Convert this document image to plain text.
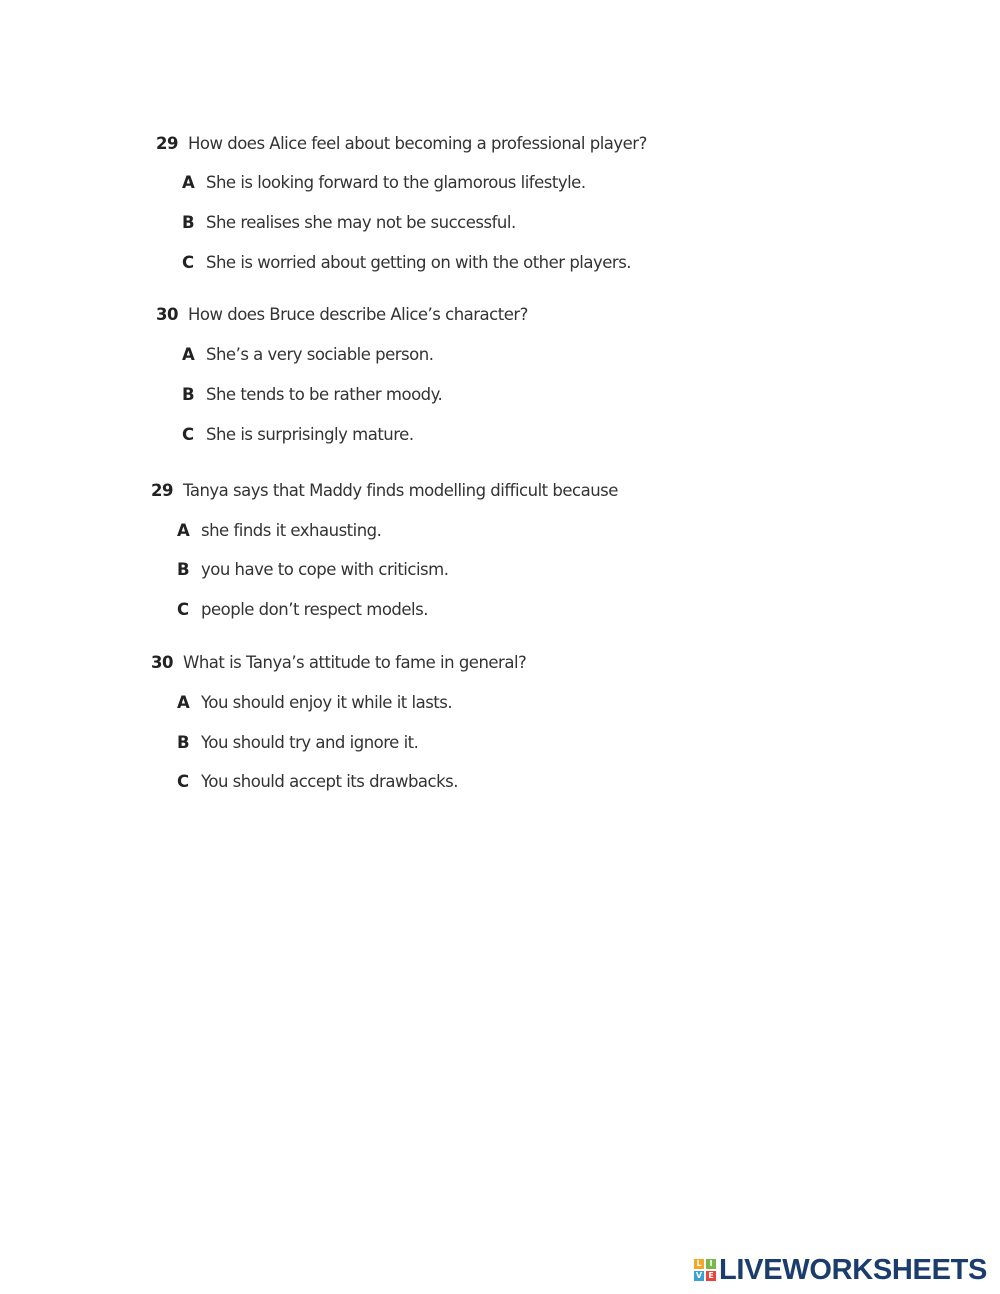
29 How does Alice feel about becoming a professional player?
A She is looking forward to the glamorous lifestyle.
B She realises she may not be successful.
C She is worried about getting on with the other players.
30 How does Bruce describe Alice’s character?
A She’s a very sociable person.
B She tends to be rather moody.
C She is surprisingly mature.
29 Tanya says that Maddy finds modelling difficult because
A she finds it exhausting.
B you have to cope with criticism.
C people don’t respect models.
30 What is Tanya’s attitude to fame in general?
A You should enjoy it while it lasts.
B You should try and ignore it.
C You should accept its drawbacks.
L I
V E LIVEWORKSHEETS
